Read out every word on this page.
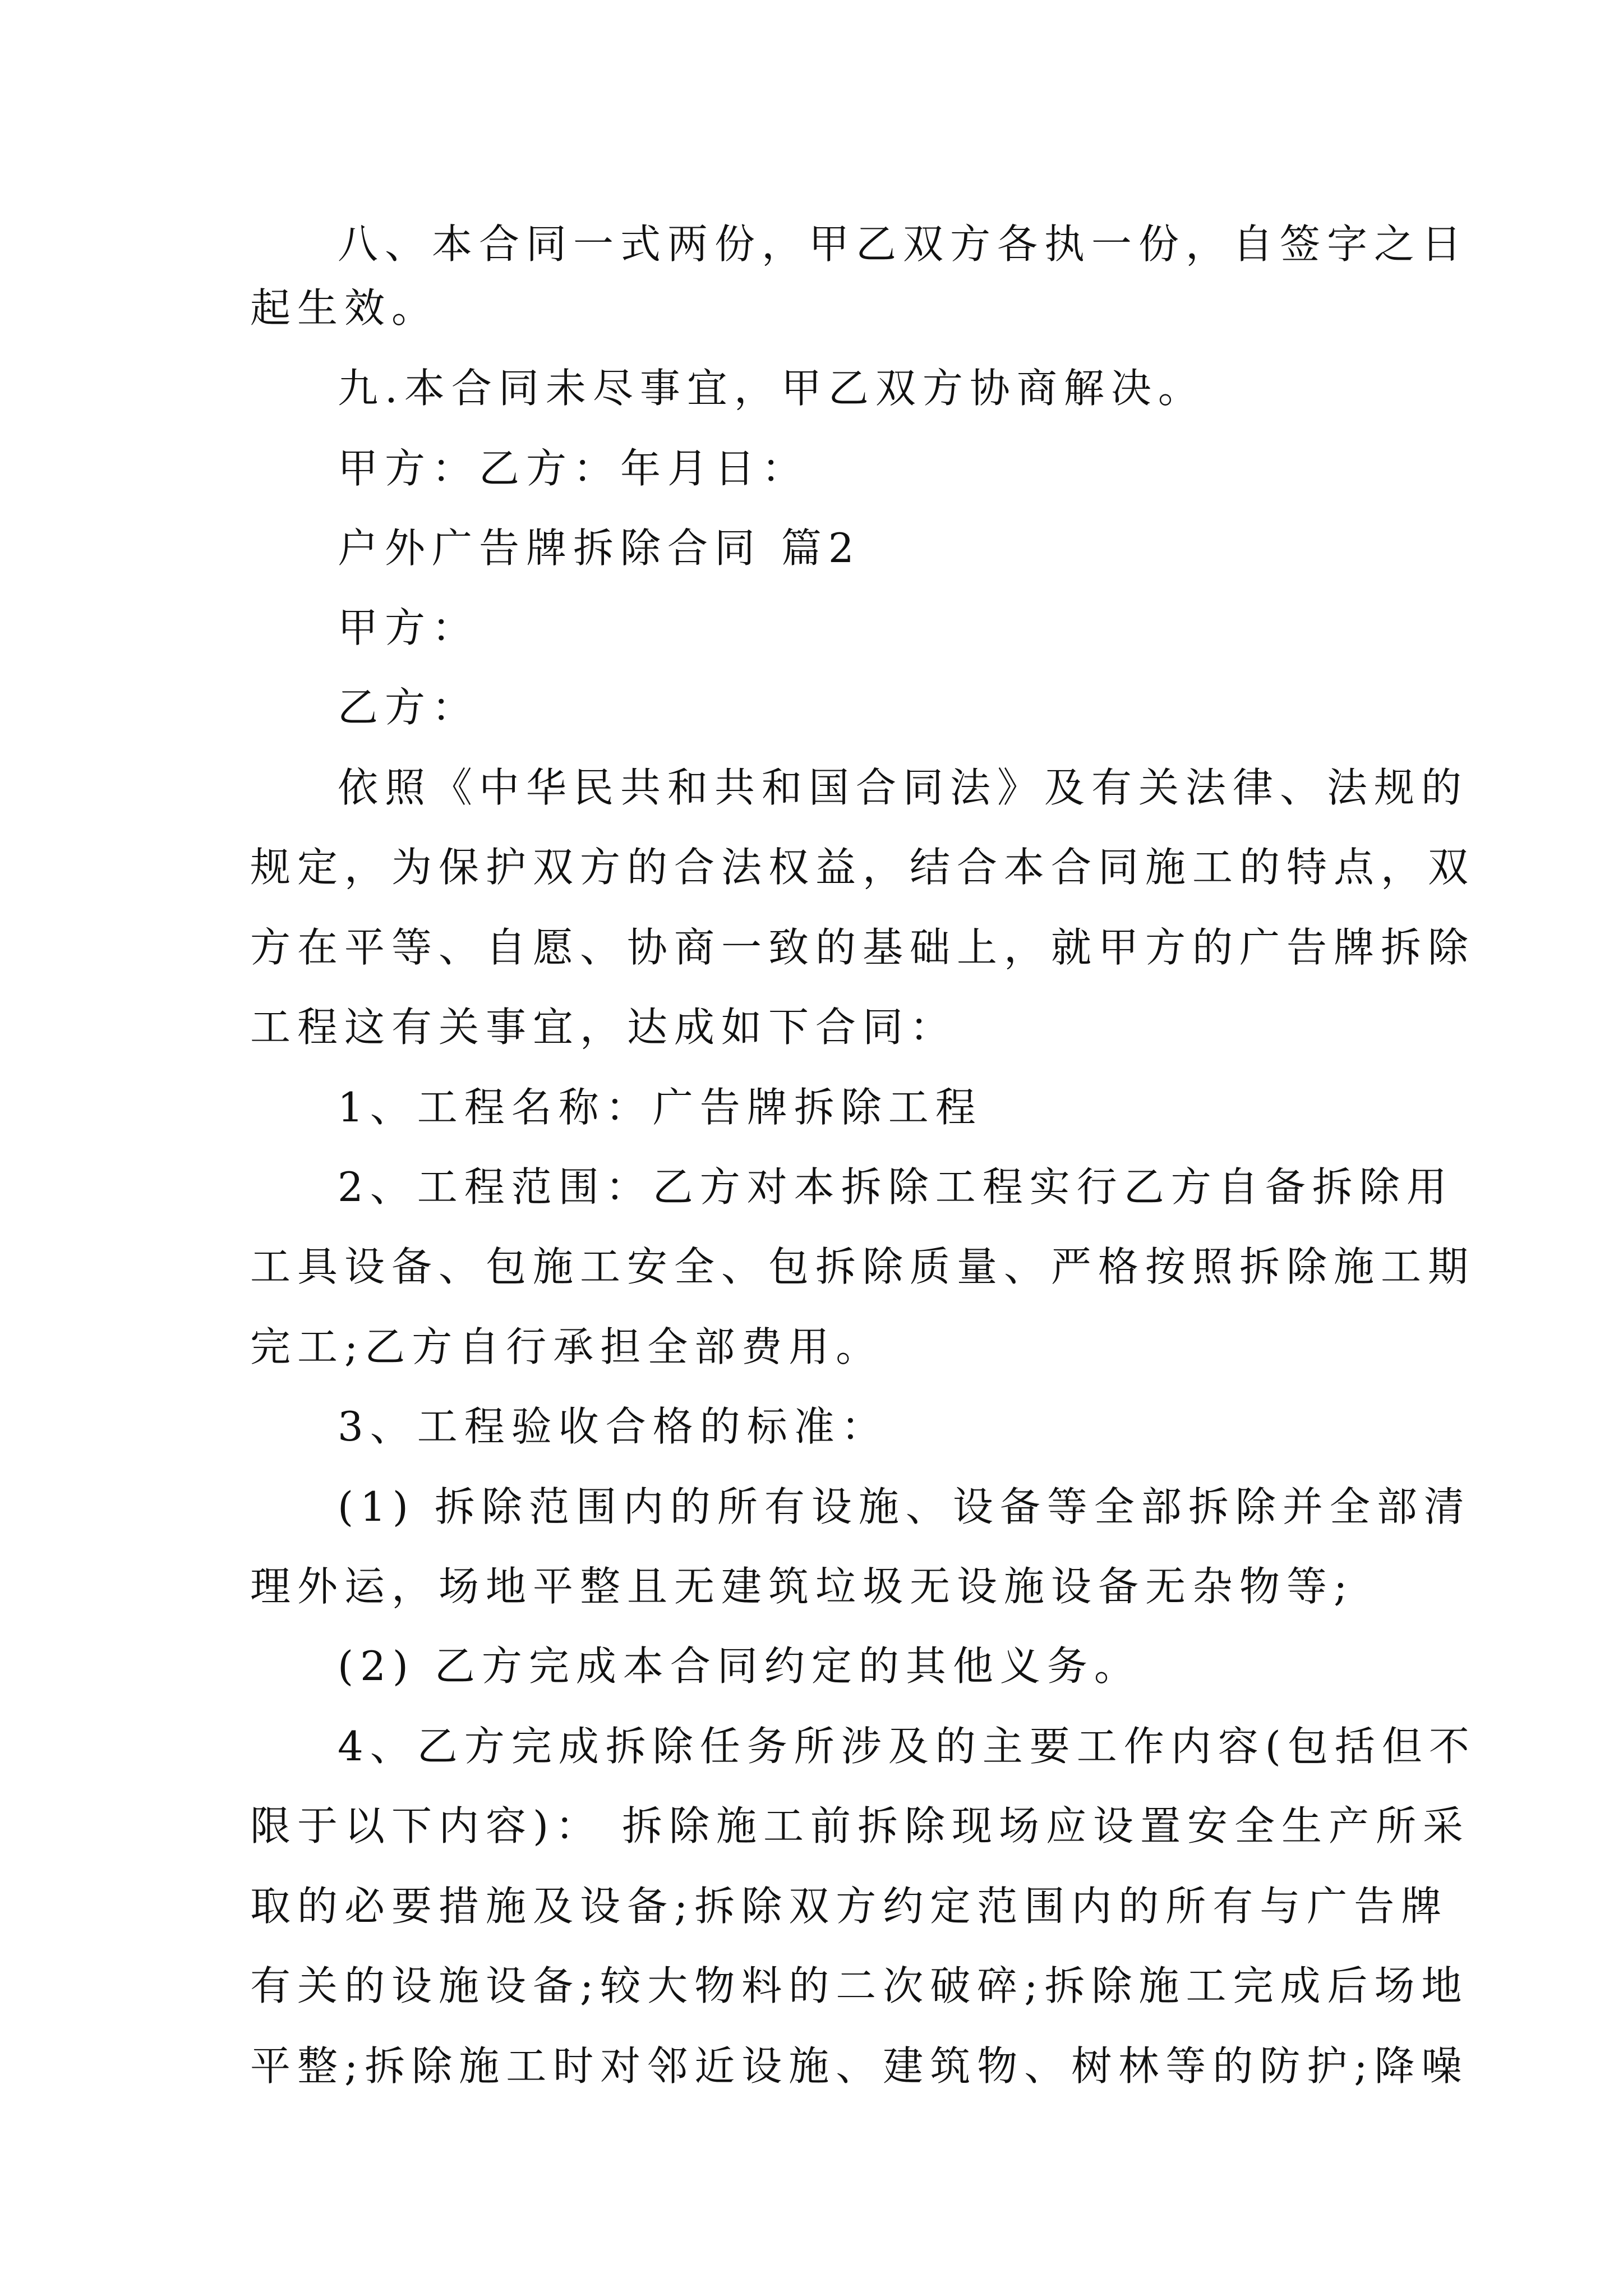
八、本合同一式两份，甲乙双方各执一份，自签字之日
起生效。
九.本合同未尽事宜，甲乙双方协商解决。
甲方：乙方：年月日：
户外广告牌拆除合同 篇2
甲方：
乙方：
依照《中华民共和共和国合同法》及有关法律、法规的
规定，为保护双方的合法权益，结合本合同施工的特点，双
方在平等、自愿、协商一致的基础上，就甲方的广告牌拆除
工程这有关事宜，达成如下合同：
1、工程名称：广告牌拆除工程
2、工程范围：乙方对本拆除工程实行乙方自备拆除用
工具设备、包施工安全、包拆除质量、严格按照拆除施工期
完工;乙方自行承担全部费用。
3、工程验收合格的标准：
(1) 拆除范围内的所有设施、设备等全部拆除并全部清
理外运，场地平整且无建筑垃圾无设施设备无杂物等;
(2) 乙方完成本合同约定的其他义务。
4、乙方完成拆除任务所涉及的主要工作内容(包括但不
限于以下内容)： 拆除施工前拆除现场应设置安全生产所采
取的必要措施及设备;拆除双方约定范围内的所有与广告牌
有关的设施设备;较大物料的二次破碎;拆除施工完成后场地
平整;拆除施工时对邻近设施、建筑物、树林等的防护;降噪
